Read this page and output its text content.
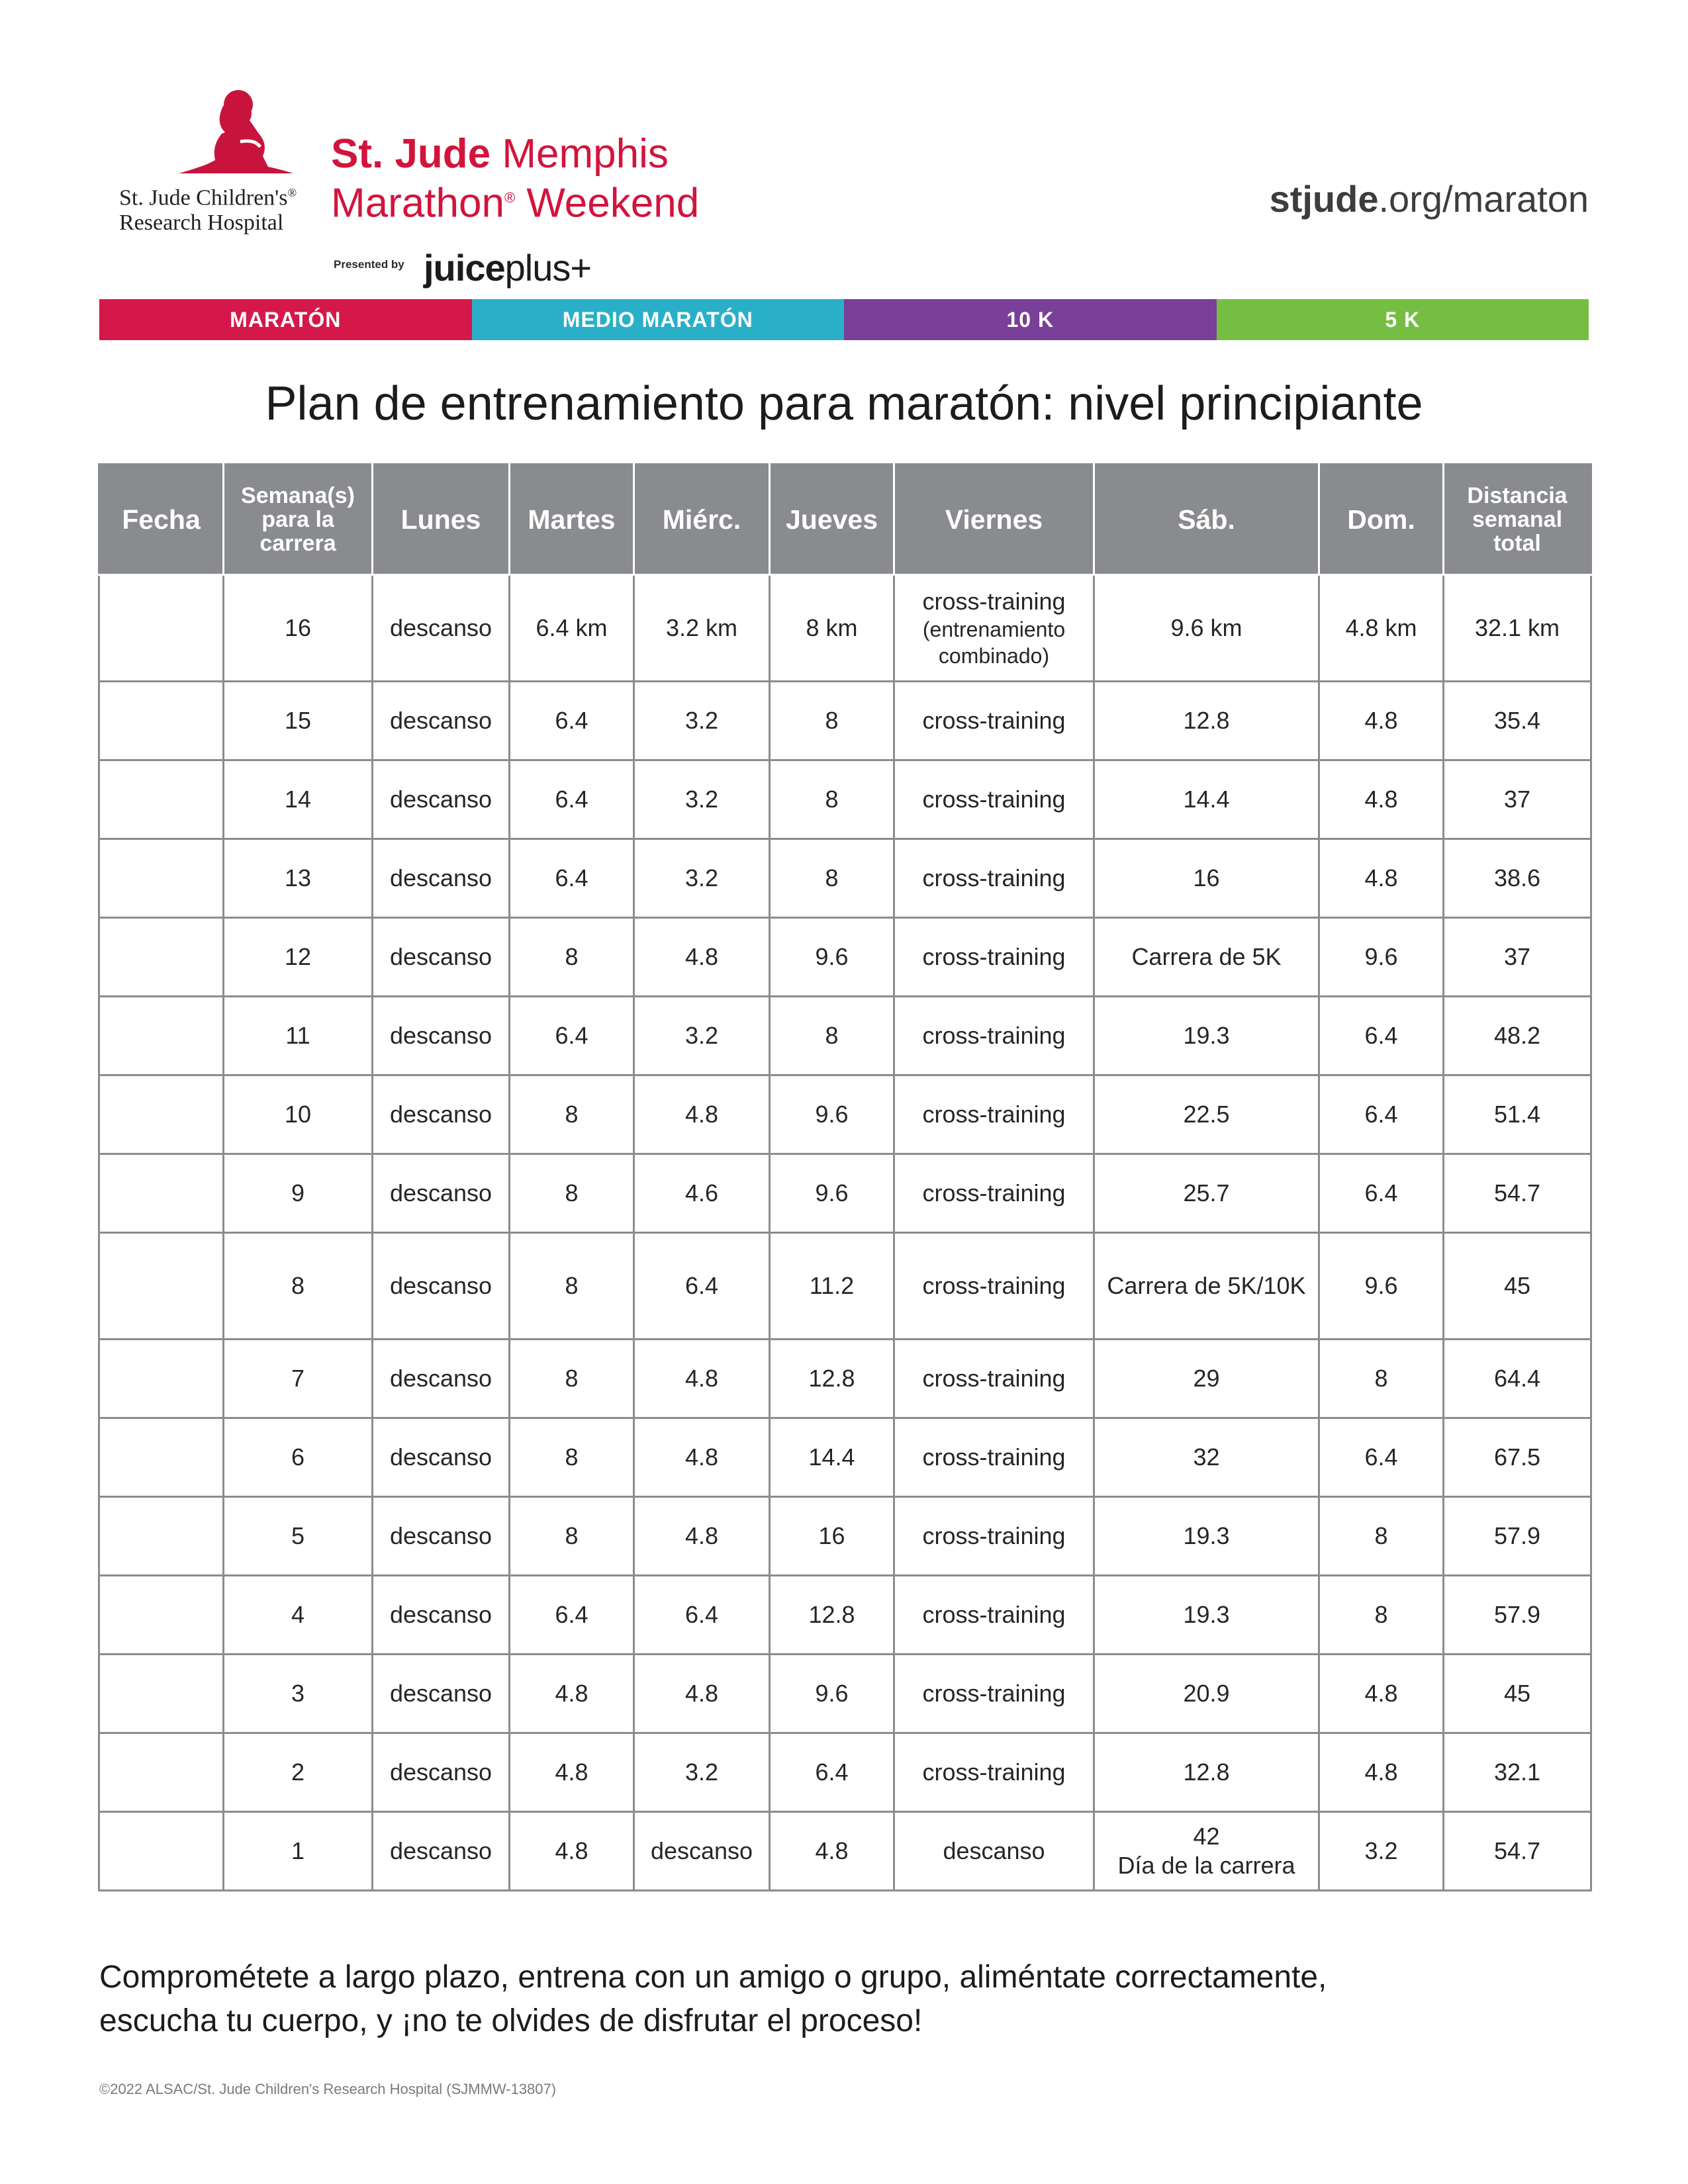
St. Jude Children's®
Research Hospital
St. Jude Memphis
Marathon® Weekend
Presented by juiceplus+
stjude.org/maraton
MARATÓN	MEDIO MARATÓN	10 K	5 K
Plan de entrenamiento para maratón: nivel principiante
Fecha	Semana(s) para la carrera	Lunes	Martes	Miérc.	Jueves	Viernes	Sáb.	Dom.	Distancia semanal total

	16	descanso	6.4 km	3.2 km	8 km	cross-training
(entrenamiento combinado)	9.6 km	4.8 km	32.1 km

	15	descanso	6.4	3.2	8	cross-training	12.8	4.8	35.4

	14	descanso	6.4	3.2	8	cross-training	14.4	4.8	37

	13	descanso	6.4	3.2	8	cross-training	16	4.8	38.6

	12	descanso	8	4.8	9.6	cross-training	Carrera de 5K	9.6	37

	11	descanso	6.4	3.2	8	cross-training	19.3	6.4	48.2

	10	descanso	8	4.8	9.6	cross-training	22.5	6.4	51.4

	9	descanso	8	4.6	9.6	cross-training	25.7	6.4	54.7

	8	descanso	8	6.4	11.2	cross-training	Carrera de 5K/10K	9.6	45

	7	descanso	8	4.8	12.8	cross-training	29	8	64.4

	6	descanso	8	4.8	14.4	cross-training	32	6.4	67.5

	5	descanso	8	4.8	16	cross-training	19.3	8	57.9

	4	descanso	6.4	6.4	12.8	cross-training	19.3	8	57.9

	3	descanso	4.8	4.8	9.6	cross-training	20.9	4.8	45

	2	descanso	4.8	3.2	6.4	cross-training	12.8	4.8	32.1

	1	descanso	4.8	descanso	4.8	descanso	42
Día de la carrera	3.2	54.7
Comprométete a largo plazo, entrena con un amigo o grupo, aliméntate correctamente,
escucha tu cuerpo, y ¡no te olvides de disfrutar el proceso!
©2022 ALSAC/St. Jude Children's Research Hospital (SJMMW-13807)
